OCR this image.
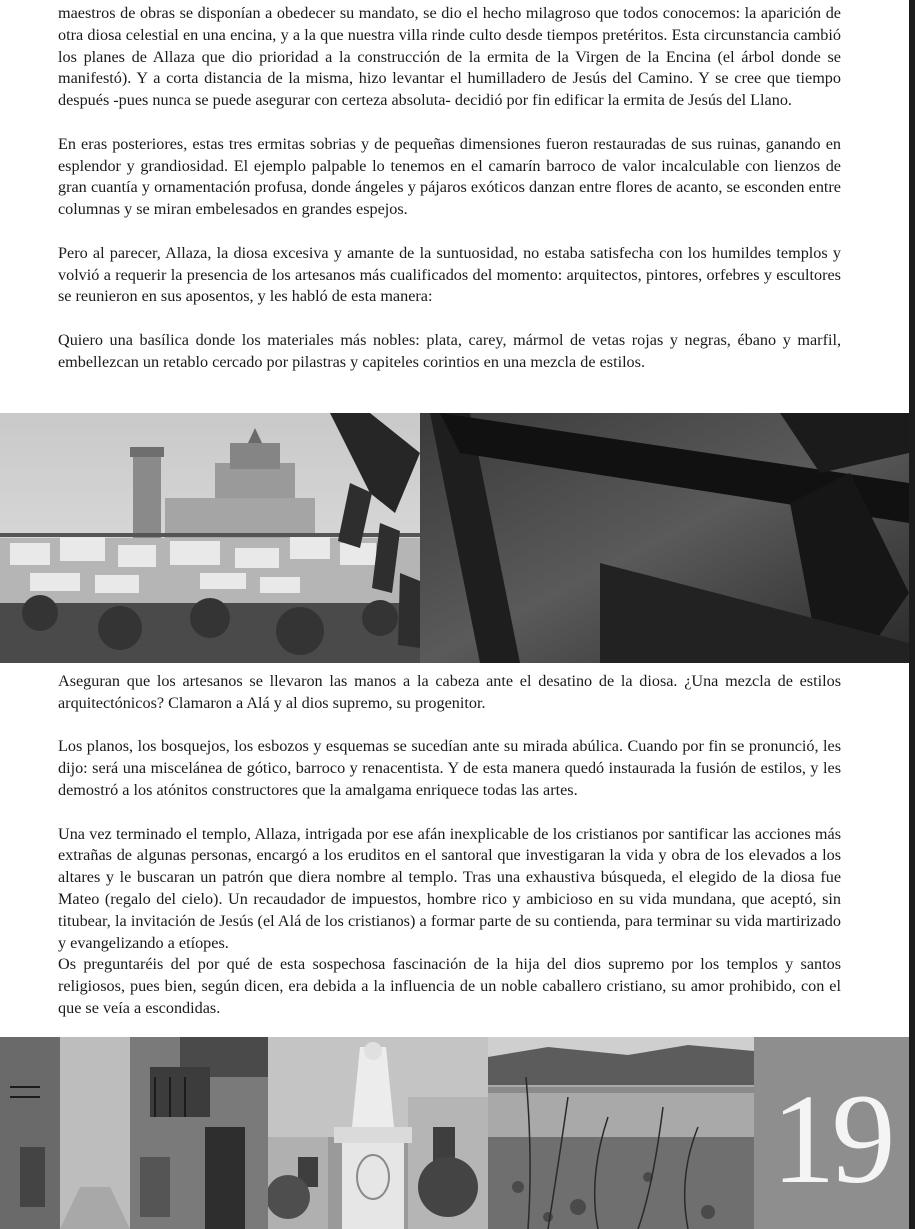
maestros de obras se disponían a obedecer su mandato, se dio el hecho milagroso que todos conocemos: la aparición de otra diosa celestial en una encina, y a la que nuestra villa rinde culto desde tiempos pretéritos. Esta circunstancia cambió los planes de Allaza que dio prioridad a la construcción de la ermita de la Virgen de la Encina (el árbol donde se manifestó). Y a corta distancia de la misma, hizo levantar el humilladero de Jesús del Camino. Y se cree que tiempo después -pues nunca se puede asegurar con certeza absoluta- decidió por fin edificar la ermita de Jesús del Llano.

En eras posteriores, estas tres ermitas sobrias y de pequeñas dimensiones fueron restauradas de sus ruinas, ganando en esplendor y grandiosidad. El ejemplo palpable lo tenemos en el camarín barroco de valor incalculable con lienzos de gran cuantía y ornamentación profusa, donde ángeles y pájaros exóticos danzan entre flores de acanto, se esconden entre columnas y se miran embelesados en grandes espejos.

Pero al parecer, Allaza, la diosa excesiva y amante de la suntuosidad, no estaba satisfecha con los humildes templos y volvió a requerir la presencia de los artesanos más cualificados del momento: arquitectos, pintores, orfebres y escultores se reunieron en sus aposentos, y les habló de esta manera:

Quiero una basílica donde los materiales más nobles: plata, carey, mármol de vetas rojas y negras, ébano y marfil, embellezcan un retablo cercado por pilastras y capiteles corintios en una mezcla de estilos.

Aseguran que los artesanos se llevaron las manos a la cabeza ante el desatino de la diosa. ¿Una mezcla de estilos arquitectónicos? Clamaron a Alá y al dios supremo, su progenitor.

Los planos, los bosquejos, los esbozos y esquemas se sucedían ante su mirada abúlica. Cuando por fin se pronunció, les dijo: será una miscelánea de gótico, barroco y renacentista. Y de esta manera quedó instaurada la fusión de estilos, y les demostró a los atónitos constructores que la amalgama enriquece todas las artes.

Una vez terminado el templo, Allaza, intrigada por ese afán inexplicable de los cristianos por santificar las acciones más extrañas de algunas personas, encargó a los eruditos en el santoral que investigaran la vida y obra de los elevados a los altares y le buscaran un patrón que diera nombre al templo. Tras una exhaustiva búsqueda, el elegido de la diosa fue Mateo (regalo del cielo). Un recaudador de impuestos, hombre rico y ambicioso en su vida mundana, que aceptó, sin titubear, la invitación de Jesús (el Alá de los cristianos) a formar parte de su contienda, para terminar su vida martirizado y evangelizando a etíopes.

Os preguntaréis del por qué de esta sospechosa fascinación de la hija del dios supremo por los templos y santos religiosos, pues bien, según dicen, era debida a la influencia de un noble caballero cristiano, su amor prohibido, con el que se veía a escondidas.

19
